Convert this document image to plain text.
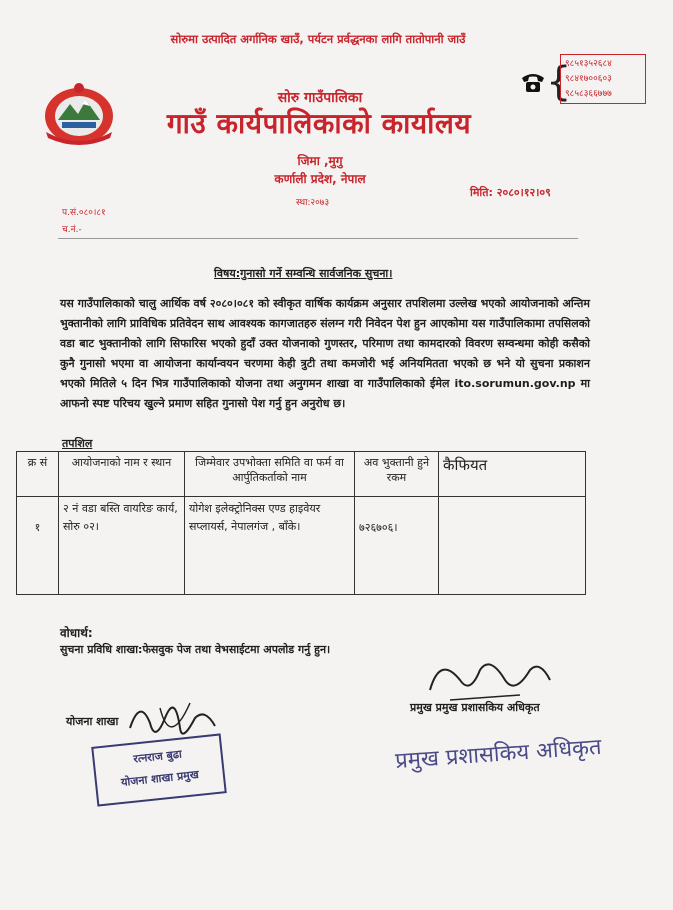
सोरुमा उत्पादित अर्गानिक खाउँ, पर्यटन प्रर्वद्धनका लागि तातोपानी जाउँ
सोरु गाउँपालिका
गाउँ कार्यपालिकाको कार्यालय
जिमा ,मुगु
कर्णाली प्रदेश, नेपाल
स्था:२०७३
{
९८५१३५२६८४
९८४१७००६०३
९८५८३६६७७७
मिति: २०८०।१२।०९
प.सं.०८०।८१
च.नं.-
विषय:गुनासो गर्ने सम्वन्धि सार्वजनिक सुचना।
यस गाउँपालिकाको चालु आर्थिक वर्ष २०८०।०८१ को स्वीकृत वार्षिक कार्यक्रम अनुसार तपशिलमा उल्लेख भएको आयोजनाको अन्तिम भुक्तानीको लागि प्राविधिक प्रतिवेदन साथ आवश्यक कागजातहरु संलग्न गरी निवेदन पेश हुन आएकोमा यस गाउँपालिकामा तपसिलको वडा बाट भुक्तानीको लागि सिफारिस भएको हुदाँ उक्त योजनाको गुणस्तर, परिमाण तथा कामदारको विवरण सम्वन्धमा कोही कसैको कुनै गुनासो भएमा वा आयोजना कार्यान्वयन चरणमा केही त्रुटी तथा कमजोरी भई अनियमितता भएको छ भने यो सुचना प्रकाशन भएको मितिले ५ दिन भित्र गाउँपालिकाको योजना तथा अनुगमन शाखा वा गाउँपालिकाको ईमेल ito.sorumun.gov.np मा आफनो स्पष्ट परिचय खुल्ने प्रमाण सहित गुनासो पेश गर्नु हुन अनुरोध छ।
तपशिल
क्र सं	आयोजनाको नाम र स्थान	जिम्मेवार उपभोक्ता समिति वा फर्म वा आर्पुतिकर्ताको नाम	अव भुक्तानी हुने रकम	कैफियत
१	२ नं वडा बस्ति वायरिङ कार्य, सोरु ०२।	योगेश इलेक्ट्रोनिक्स एण्ड हाइवेयर सप्लायर्स, नेपालगंज , बाँके।	७२६७०६।	
वोधार्थ:
सुचना प्रविधि शाखा:फेसवुक पेज तथा वेभसाईटमा अपलोड गर्नु हुन।
योजना शाखा
रत्नराज बुढा
योजना शाखा प्रमुख
प्रमुख प्रमुख प्रशासकिय अधिकृत
प्रमुख प्रशासकिय अधिकृत
